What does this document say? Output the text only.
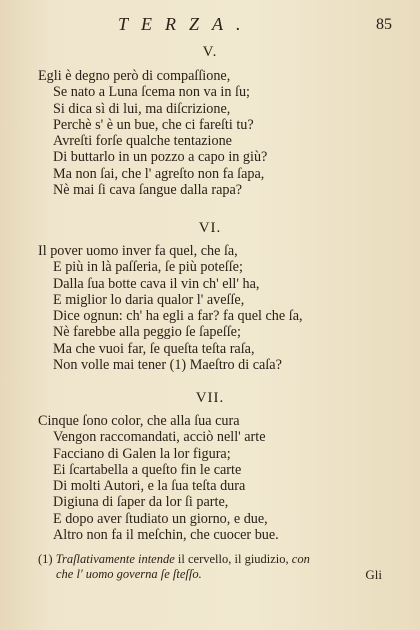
TERZA.	85
V.
Egli è degno però di compaſſione,
Se nato a Luna ſcema non va in ſu;
Si dica sì di lui, ma diſcrizione,
Perchè s' è un bue, che ci fareſti tu?
Avreſti forſe qualche tentazione
Di buttarlo in un pozzo a capo in giù?
Ma non ſai, che l' agreſto non fa ſapa,
Nè mai ſi cava ſangue dalla rapa?
VI.
Il pover uomo inver fa quel, che ſa,
E più in là paſſeria, ſe più poteſſe;
Dalla ſua botte cava il vin ch' ell' ha,
E miglior lo daria qualor l' aveſſe,
Dice ognun: ch' ha egli a far? fa quel che ſa,
Nè farebbe alla peggio ſe ſapeſſe;
Ma che vuoi far, ſe queſta teſta raſa,
Non volle mai tener (1) Maeſtro di caſa?
VII.
Cinque ſono color, che alla ſua cura
Vengon raccomandati, acciò nell' arte
Facciano di Galen la lor figura;
Ei ſcartabella a queſto fin le carte
Di molti Autori, e la ſua teſta dura
Digiuna di ſaper da lor ſi parte,
E dopo aver ſtudiato un giorno, e due,
Altro non fa il meſchin, che cuocer bue.
(1) Traſlativamente intende il cervello, il giudizio, con
che l' uomo governa ſe ſteſſo.	Gli
